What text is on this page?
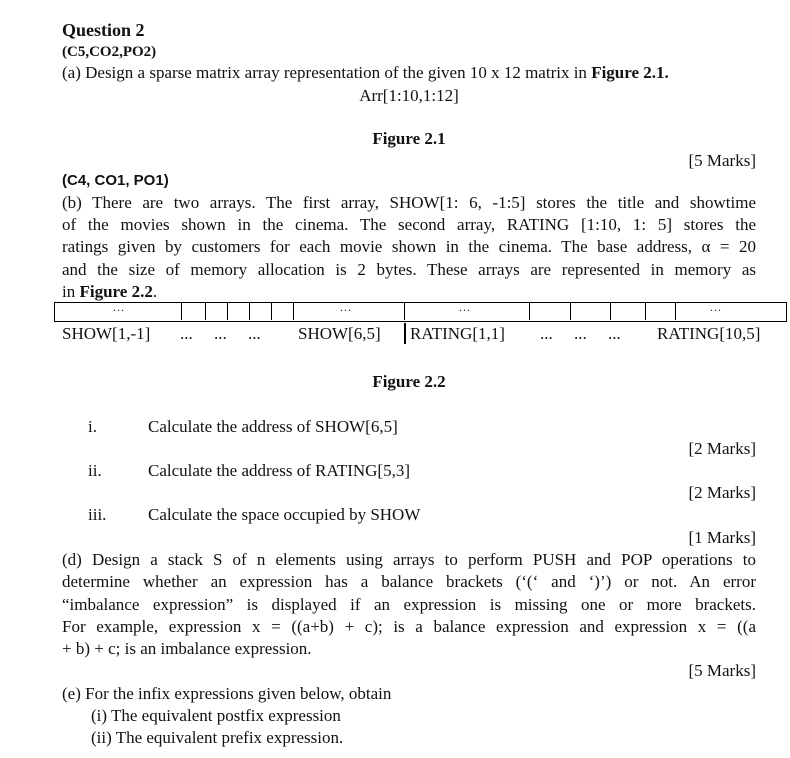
Question 2
(C5,CO2,PO2)
(a) Design a sparse matrix array representation of the given 10 x 12 matrix in Figure 2.1.
Arr[1:10,1:12]
Figure 2.1
[5 Marks]
(C4, CO1, PO1)
(b) There are two arrays. The first array, SHOW[1: 6, -1:5] stores the title and showtime
of the movies shown in the cinema. The second array, RATING [1:10, 1: 5] stores the
ratings given by customers for each movie shown in the cinema. The base address, α = 20
and the size of memory allocation is 2 bytes. These arrays are represented in memory as
in Figure 2.2.
...	...	...	...
SHOW[1,-1] ...     ...     ... SHOW[6,5] RATING[1,1] ...     ...     ... RATING[10,5]
Figure 2.2
i.	Calculate the address of SHOW[6,5]
[2 Marks]
ii.	Calculate the address of RATING[5,3]
[2 Marks]
iii. Calculate the space occupied by SHOW
[1 Marks]
(d) Design a stack S of n elements using arrays to perform PUSH and POP operations to
determine whether an expression has a balance brackets (‘(‘ and ‘)’) or not. An error
“imbalance expression” is displayed if an expression is missing one or more brackets.
For example, expression x = ((a+b) + c); is a balance expression and expression x = ((a
+ b) + c; is an imbalance expression.
[5 Marks]
(e) For the infix expressions given below, obtain
(i) The equivalent postfix expression
(ii) The equivalent prefix expression.
